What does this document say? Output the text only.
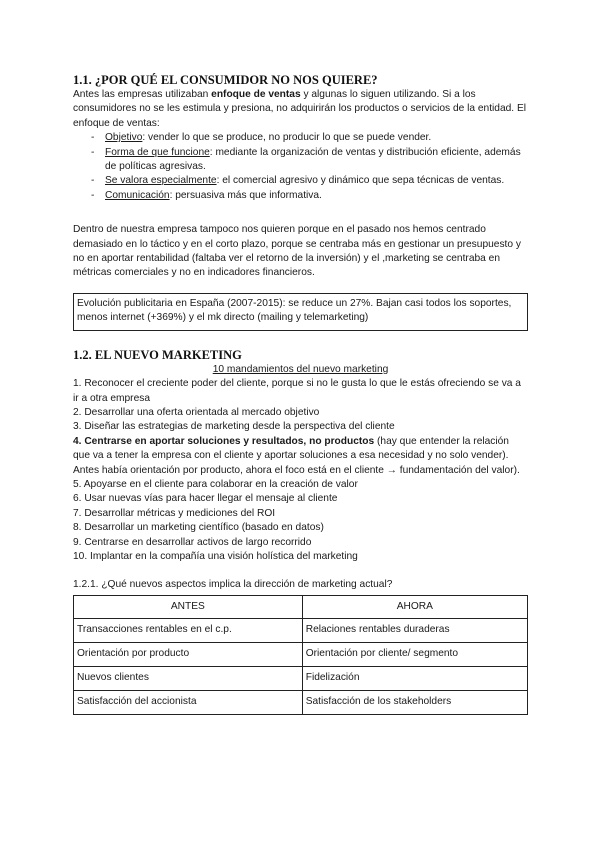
1.1. ¿POR QUÉ EL CONSUMIDOR NO NOS QUIERE?

Antes las empresas utilizaban enfoque de ventas y algunas lo siguen utilizando. Si a los consumidores no se les estimula y presiona, no adquirirán los productos o servicios de la entidad. El enfoque de ventas:

- Objetivo: vender lo que se produce, no producir lo que se puede vender.
- Forma de que funcione: mediante la organización de ventas y distribución eficiente, además de políticas agresivas.
- Se valora especialmente: el comercial agresivo y dinámico que sepa técnicas de ventas.
- Comunicación: persuasiva más que informativa.

Dentro de nuestra empresa tampoco nos quieren porque en el pasado nos hemos centrado demasiado en lo táctico y en el corto plazo, porque se centraba más en gestionar un presupuesto y no en aportar rentabilidad (faltaba ver el retorno de la inversión) y el ,marketing se centraba en métricas comerciales y no en indicadores financieros.

Evolución publicitaria en España (2007-2015): se reduce un 27%. Bajan casi todos los soportes, menos internet (+369%) y el mk directo (mailing y telemarketing)
1.2. EL NUEVO MARKETING

10 mandamientos del nuevo marketing

1. Reconocer el creciente poder del cliente, porque si no le gusta lo que le estás ofreciendo se va a ir a otra empresa

2. Desarrollar una oferta orientada al mercado objetivo

3. Diseñar las estrategias de marketing desde la perspectiva del cliente

4. Centrarse en aportar soluciones y resultados, no productos (hay que entender la relación que va a tener la empresa con el cliente y aportar soluciones a esa necesidad y no solo vender). Antes había orientación por producto, ahora el foco está en el cliente → fundamentación del valor).

5. Apoyarse en el cliente para colaborar en la creación de valor

6. Usar nuevas vías para hacer llegar el mensaje al cliente

7. Desarrollar métricas y mediciones del ROI

8. Desarrollar un marketing científico (basado en datos)

9. Centrarse en desarrollar activos de largo recorrido

10. Implantar en la compañía una visión holística del marketing

1.2.1. ¿Qué nuevos aspectos implica la dirección de marketing actual?

ANTES	AHORA
Transacciones rentables en el c.p.	Relaciones rentables duraderas
Orientación por producto	Orientación por cliente/ segmento
Nuevos clientes	Fidelización
Satisfacción del accionista	Satisfacción de los stakeholders
